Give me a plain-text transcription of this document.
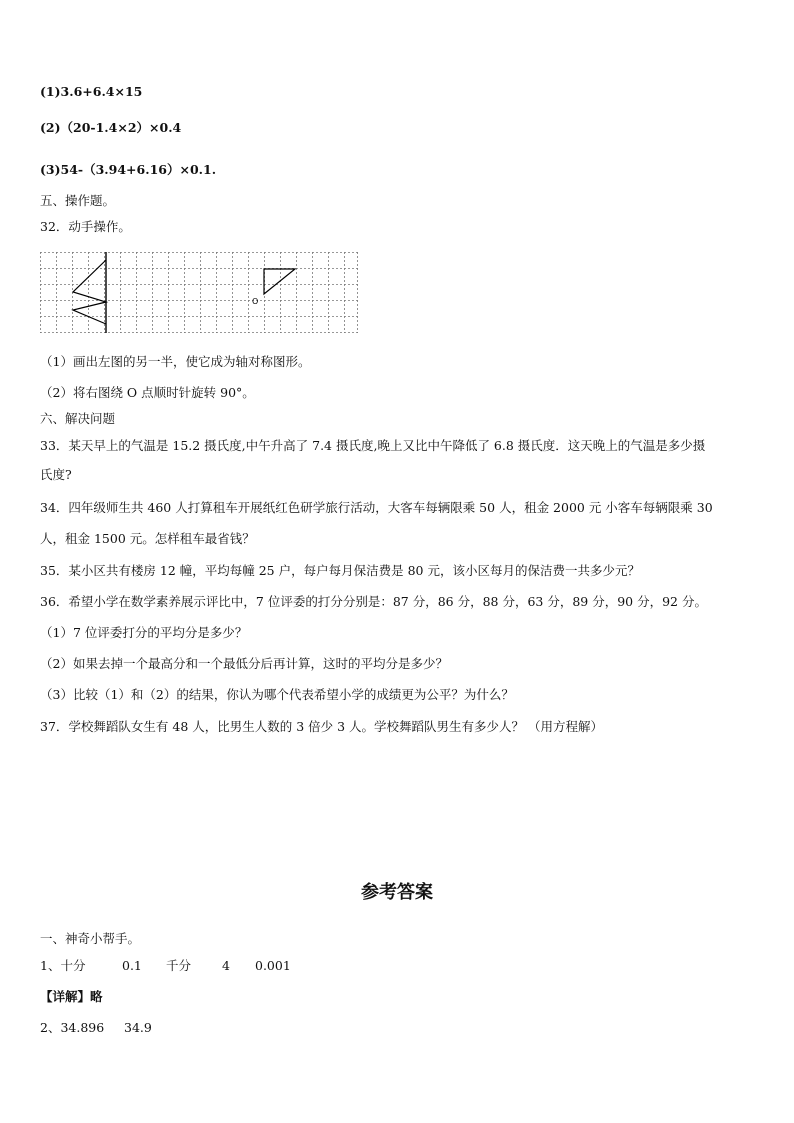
(1)3.6+6.4×15
(2)（20-1.4×2）×0.4
(3)54-（3.94+6.16）×0.1.
五、操作题。
32．动手操作。
O
（1）画出左图的另一半，使它成为轴对称图形。
（2）将右图绕 O 点顺时针旋转 90°。
六、解决问题
33．某天早上的气温是 15.2 摄氏度,中午升高了 7.4 摄氏度,晚上又比中午降低了 6.8 摄氏度．这天晚上的气温是多少摄
氏度?
34．四年级师生共 460 人打算租车开展纸红色研学旅行活动，大客车每辆限乘 50 人，租金 2000 元 小客车每辆限乘 30
人，租金 1500 元。怎样租车最省钱？
35．某小区共有楼房 12 幢，平均每幢 25 户，每户每月保洁费是 80 元，该小区每月的保洁费一共多少元？
36．希望小学在数学素养展示评比中，7 位评委的打分分别是：87 分，86 分，88 分，63 分，89 分，90 分，92 分。
（1）7 位评委打分的平均分是多少？
（2）如果去掉一个最高分和一个最低分后再计算，这时的平均分是多少？
（3）比较（1）和（2）的结果，你认为哪个代表希望小学的成绩更为公平？为什么？
37．学校舞蹈队女生有 48 人，比男生人数的 3 倍少 3 人。学校舞蹈队男生有多少人？ （用方程解）
参考答案
一、神奇小帮手。
1、十分	0.1 千分 4 0.001
【详解】略
2、34.896 34.9
